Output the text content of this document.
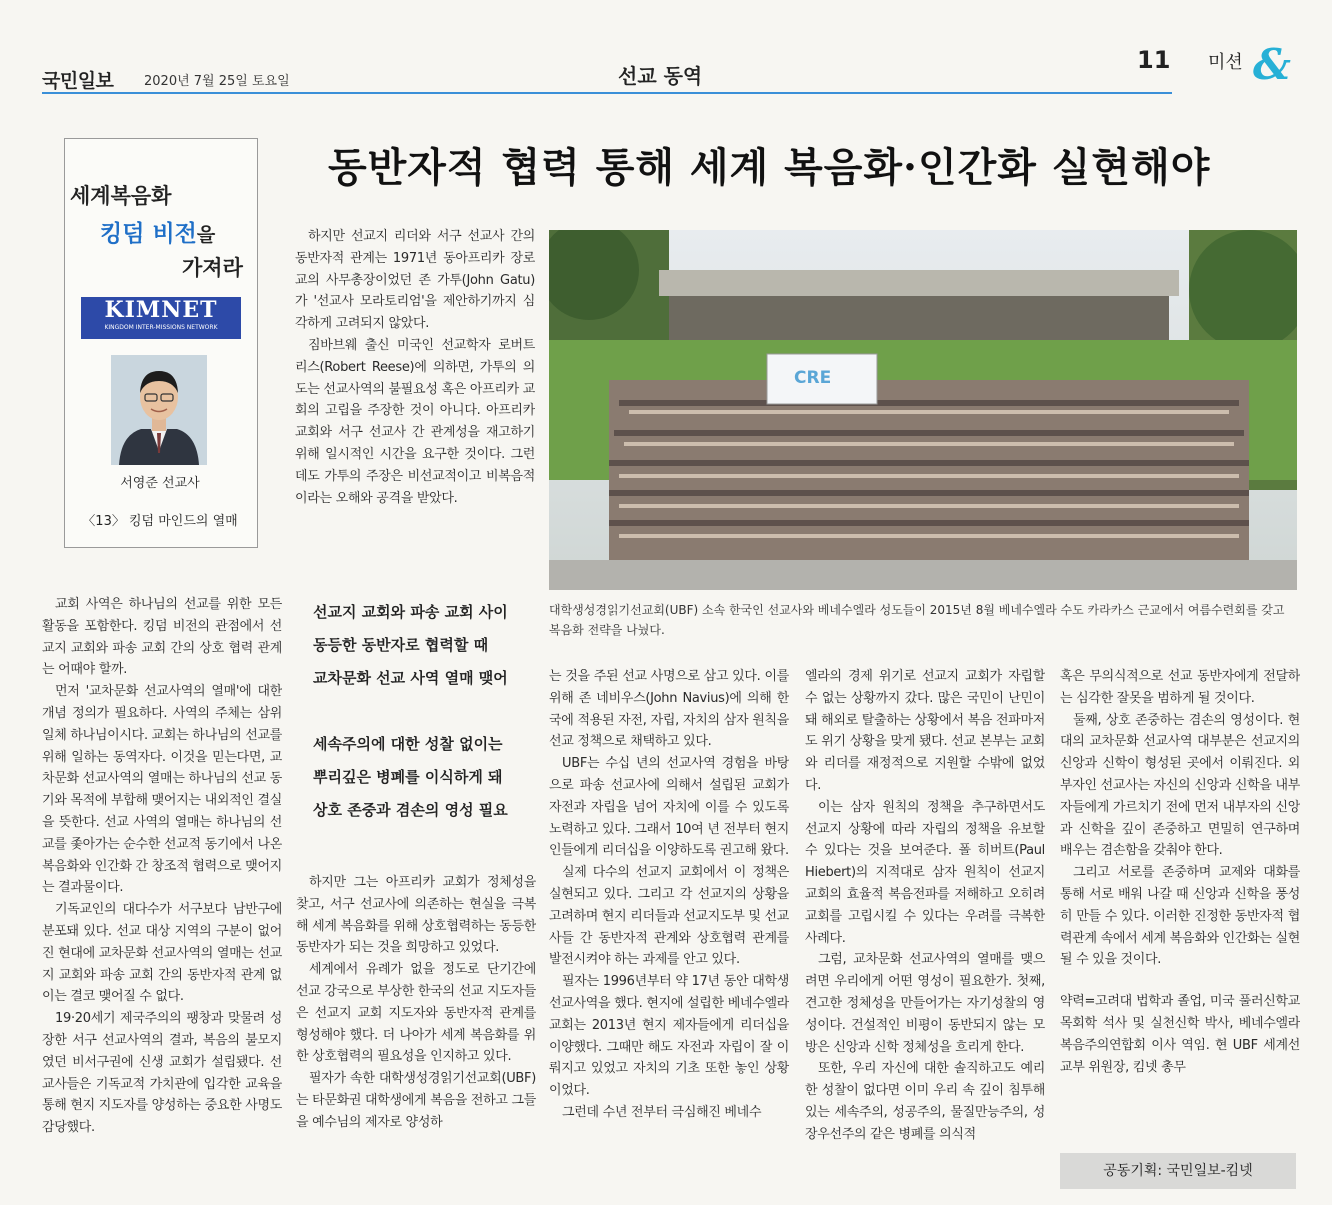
국민일보 2020년 7월 25일 토요일	선교 동역
11 미션 &
세계복음화
킹덤 비전을
가져라
KIMNET
KINGDOM INTER-MISSIONS NETWORK
서영준 선교사
〈13〉 킹덤 마인드의 열매
동반자적 협력 통해 세계 복음화·인간화 실현해야

하지만 선교지 리더와 서구 선교사 간의 동반자적 관계는 1971년 동아프리카 장로교의 사무총장이었던 존 가투(John Gatu)가 '선교사 모라토리엄'을 제안하기까지 심각하게 고려되지 않았다.

짐바브웨 출신 미국인 선교학자 로버트 리스(Robert Reese)에 의하면, 가투의 의도는 선교사역의 불필요성 혹은 아프리카 교회의 고립을 주장한 것이 아니다. 아프리카 교회와 서구 선교사 간 관계성을 재고하기 위해 일시적인 시간을 요구한 것이다. 그런데도 가투의 주장은 비선교적이고 비복음적이라는 오해와 공격을 받았다.

CRE
대학생성경읽기선교회(UBF) 소속 한국인 선교사와 베네수엘라 성도들이 2015년 8월 베네수엘라 수도 카라카스 근교에서 여름수련회를 갖고 복음화 전략을 나눴다.
선교지 교회와 파송 교회 사이
동등한 동반자로 협력할 때
교차문화 선교 사역 열매 맺어
세속주의에 대한 성찰 없이는
뿌리깊은 병폐를 이식하게 돼
상호 존중과 겸손의 영성 필요

교회 사역은 하나님의 선교를 위한 모든 활동을 포함한다. 킹덤 비전의 관점에서 선교지 교회와 파송 교회 간의 상호 협력 관계는 어때야 할까.

먼저 '교차문화 선교사역의 열매'에 대한 개념 정의가 필요하다. 사역의 주체는 삼위일체 하나님이시다. 교회는 하나님의 선교를 위해 일하는 동역자다. 이것을 믿는다면, 교차문화 선교사역의 열매는 하나님의 선교 동기와 목적에 부합해 맺어지는 내외적인 결실을 뜻한다. 선교 사역의 열매는 하나님의 선교를 좇아가는 순수한 선교적 동기에서 나온 복음화와 인간화 간 창조적 협력으로 맺어지는 결과물이다.

기독교인의 대다수가 서구보다 남반구에 분포돼 있다. 선교 대상 지역의 구분이 없어진 현대에 교차문화 선교사역의 열매는 선교지 교회와 파송 교회 간의 동반자적 관계 없이는 결코 맺어질 수 없다.

19·20세기 제국주의의 팽창과 맞물려 성장한 서구 선교사역의 결과, 복음의 불모지였던 비서구권에 신생 교회가 설립됐다. 선교사들은 기독교적 가치관에 입각한 교육을 통해 현지 지도자를 양성하는 중요한 사명도 감당했다.

하지만 그는 아프리카 교회가 정체성을 찾고, 서구 선교사에 의존하는 현실을 극복해 세계 복음화를 위해 상호협력하는 동등한 동반자가 되는 것을 희망하고 있었다.

세계에서 유례가 없을 정도로 단기간에 선교 강국으로 부상한 한국의 선교 지도자들은 선교지 교회 지도자와 동반자적 관계를 형성해야 했다. 더 나아가 세계 복음화를 위한 상호협력의 필요성을 인지하고 있다.

필자가 속한 대학생성경읽기선교회(UBF)는 타문화권 대학생에게 복음을 전하고 그들을 예수님의 제자로 양성하

는 것을 주된 선교 사명으로 삼고 있다. 이를 위해 존 네비우스(John Navius)에 의해 한국에 적용된 자전, 자립, 자치의 삼자 원칙을 선교 정책으로 채택하고 있다.

UBF는 수십 년의 선교사역 경험을 바탕으로 파송 선교사에 의해서 설립된 교회가 자전과 자립을 넘어 자치에 이를 수 있도록 노력하고 있다. 그래서 10여 년 전부터 현지인들에게 리더십을 이양하도록 권고해 왔다.

실제 다수의 선교지 교회에서 이 정책은 실현되고 있다. 그리고 각 선교지의 상황을 고려하며 현지 리더들과 선교지도부 및 선교사들 간 동반자적 관계와 상호협력 관계를 발전시켜야 하는 과제를 안고 있다.

필자는 1996년부터 약 17년 동안 대학생 선교사역을 했다. 현지에 설립한 베네수엘라 교회는 2013년 현지 제자들에게 리더십을 이양했다. 그때만 해도 자전과 자립이 잘 이뤄지고 있었고 자치의 기초 또한 놓인 상황이었다.

그런데 수년 전부터 극심해진 베네수

엘라의 경제 위기로 선교지 교회가 자립할 수 없는 상황까지 갔다. 많은 국민이 난민이 돼 해외로 탈출하는 상황에서 복음 전파마저도 위기 상황을 맞게 됐다. 선교 본부는 교회와 리더를 재정적으로 지원할 수밖에 없었다.

이는 삼자 원칙의 정책을 추구하면서도 선교지 상황에 따라 자립의 정책을 유보할 수 있다는 것을 보여준다. 폴 히버트(Paul Hiebert)의 지적대로 삼자 원칙이 선교지 교회의 효율적 복음전파를 저해하고 오히려 교회를 고립시킬 수 있다는 우려를 극복한 사례다.

그럼, 교차문화 선교사역의 열매를 맺으려면 우리에게 어떤 영성이 필요한가. 첫째, 견고한 정체성을 만들어가는 자기성찰의 영성이다. 건설적인 비평이 동반되지 않는 모방은 신앙과 신학 정체성을 흐리게 한다.

또한, 우리 자신에 대한 솔직하고도 예리한 성찰이 없다면 이미 우리 속 깊이 침투해 있는 세속주의, 성공주의, 물질만능주의, 성장우선주의 같은 병폐를 의식적

혹은 무의식적으로 선교 동반자에게 전달하는 심각한 잘못을 범하게 될 것이다.

둘째, 상호 존중하는 겸손의 영성이다. 현대의 교차문화 선교사역 대부분은 선교지의 신앙과 신학이 형성된 곳에서 이뤄진다. 외부자인 선교사는 자신의 신앙과 신학을 내부자들에게 가르치기 전에 먼저 내부자의 신앙과 신학을 깊이 존중하고 면밀히 연구하며 배우는 겸손함을 갖춰야 한다.

그리고 서로를 존중하며 교제와 대화를 통해 서로 배워 나갈 때 신앙과 신학을 풍성히 만들 수 있다. 이러한 진정한 동반자적 협력관계 속에서 세계 복음화와 인간화는 실현될 수 있을 것이다.

약력=고려대 법학과 졸업, 미국 풀러신학교 목회학 석사 및 실천신학 박사, 베네수엘라 복음주의연합회 이사 역임. 현 UBF 세계선교부 위원장, 킴넷 총무

공동기획: 국민일보-킴넷
